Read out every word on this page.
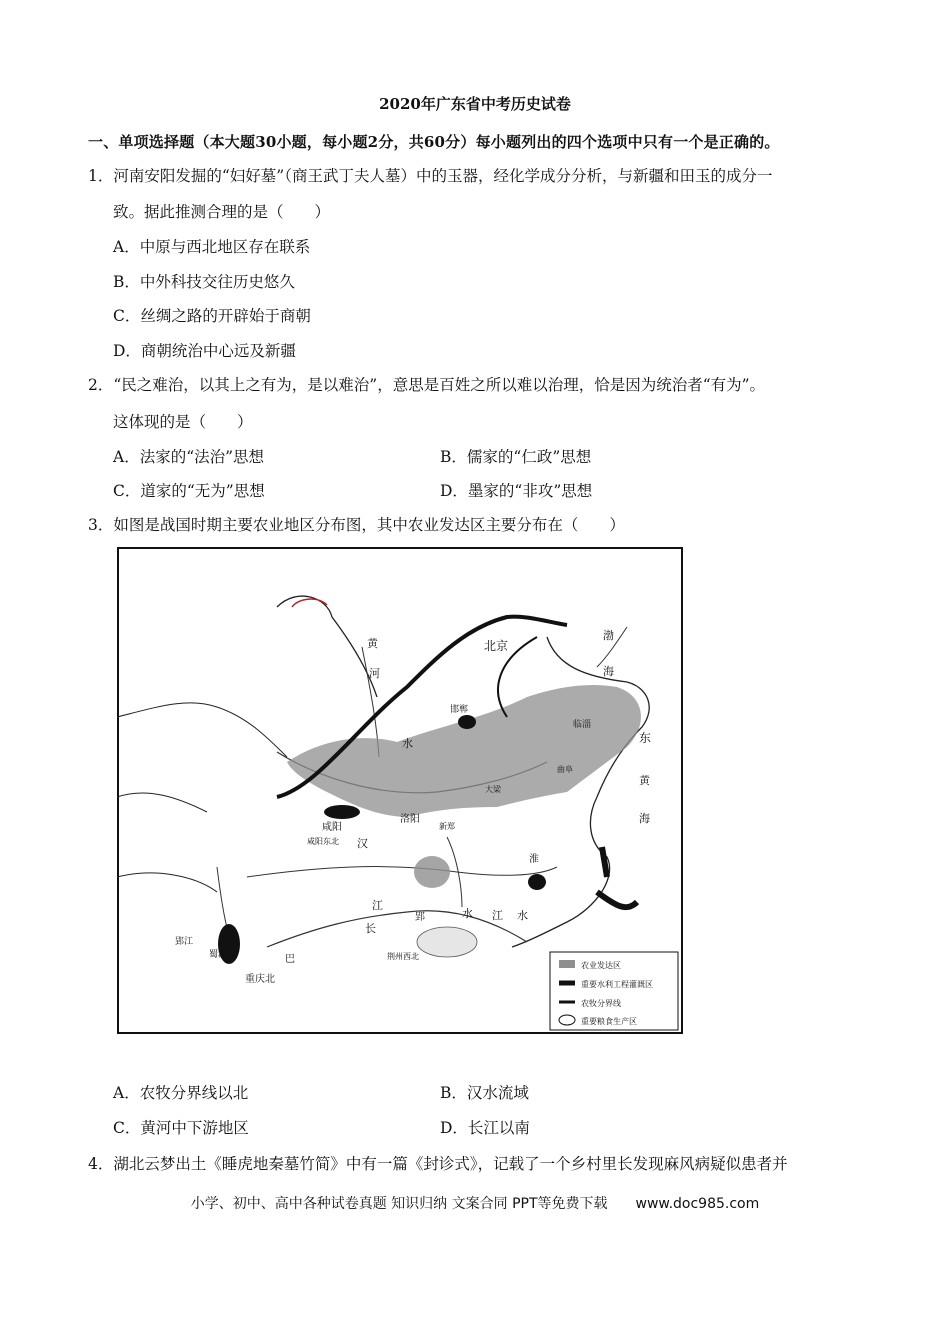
2020年广东省中考历史试卷
一、单项选择题（本大题30小题，每小题2分，共60分）每小题列出的四个选项中只有一个是正确的。
1．河南安阳发掘的“妇好墓”（商王武丁夫人墓）中的玉器，经化学成分分析，与新疆和田玉的成分一
致。据此推测合理的是（　　）
A．中原与西北地区存在联系
B．中外科技交往历史悠久
C．丝绸之路的开辟始于商朝
D．商朝统治中心远及新疆
2．“民之难治，以其上之有为，是以难治”，意思是百姓之所以难以治理，恰是因为统治者“有为”。
这体现的是（　　）
A．法家的“法治”思想	B．儒家的“仁政”思想
C．道家的“无为”思想	D．墨家的“非攻”思想
3．如图是战国时期主要农业地区分布图，其中农业发达区主要分布在（　　）
北京
黄
河
水
咸阳
咸阳东北
洛阳
新郑
临淄
东
黄
海
汉
水
江
长
巴
重庆北
郢江
郢	江 水
荆州西北
淮
蜀郡
渤
海
邯郸
大梁
曲阜
农业发达区
重要水利工程灌溉区
农牧分界线
重要粮食生产区
A．农牧分界线以北	B．汉水流域
C．黄河中下游地区	D．长江以南
4．湖北云梦出土《睡虎地秦墓竹简》中有一篇《封诊式》，记载了一个乡村里长发现麻风病疑似患者并
小学、初中、高中各种试卷真题 知识归纳 文案合同 PPT等免费下载　　www.doc985.com
